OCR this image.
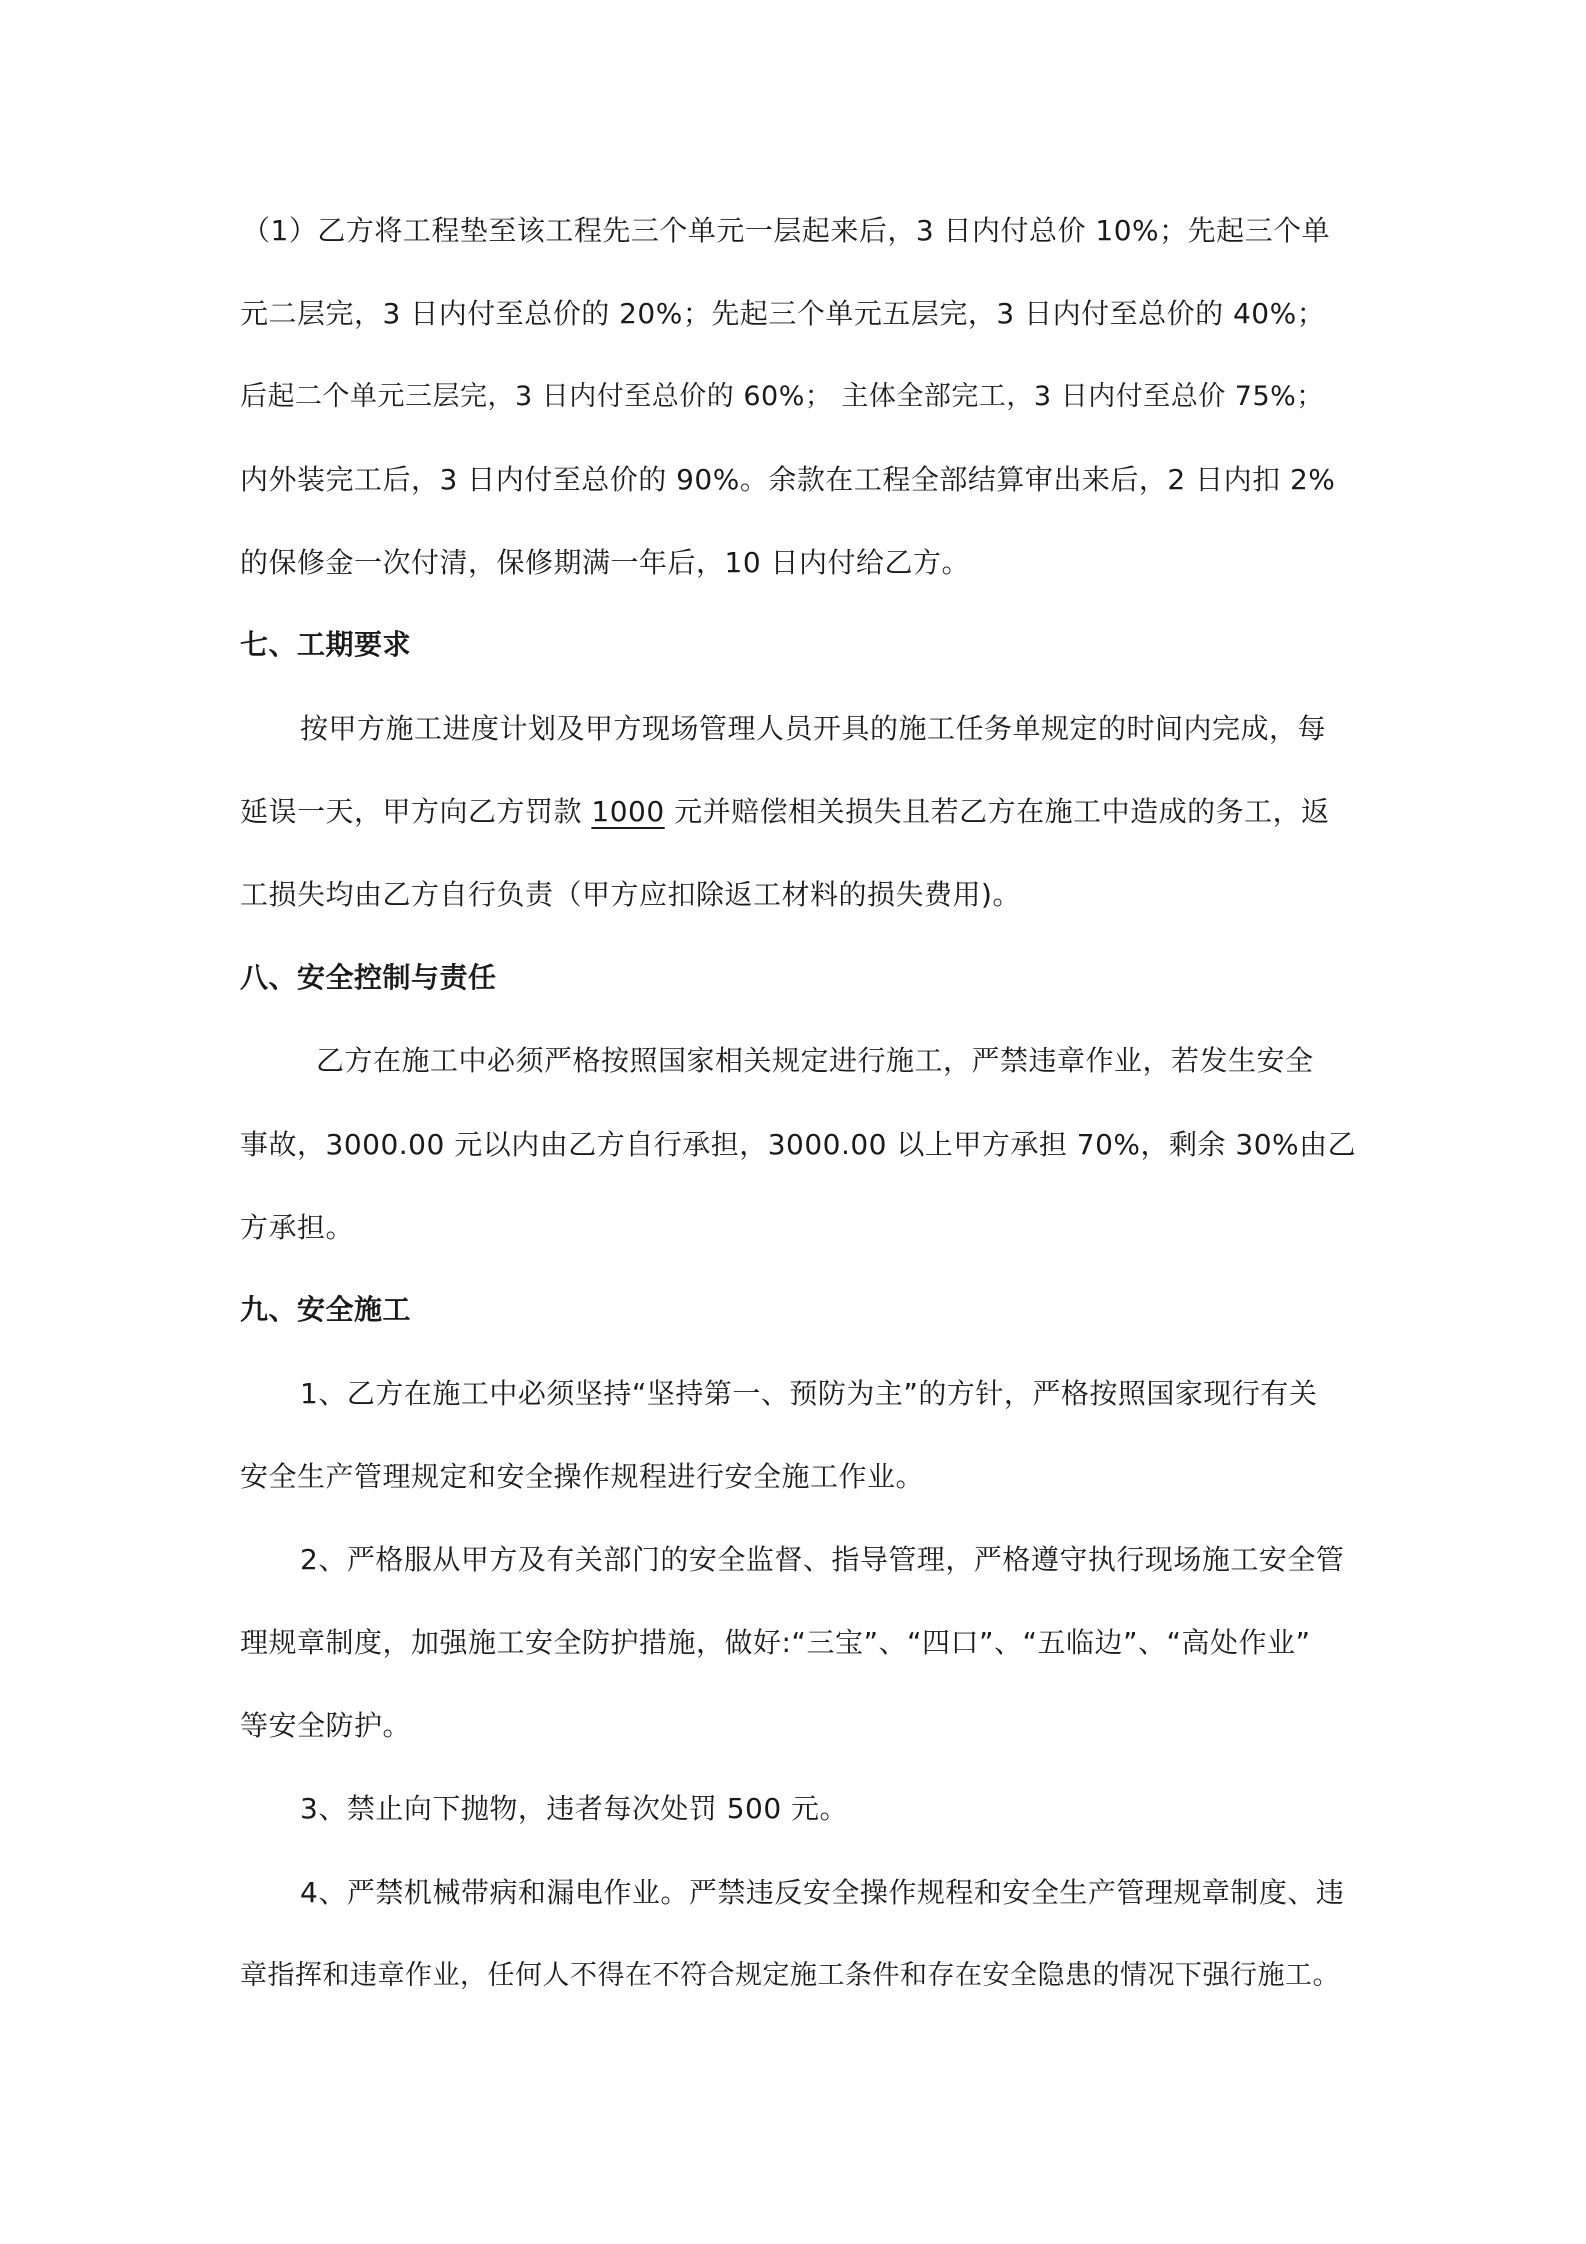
（1）乙方将工程垫至该工程先三个单元一层起来后，3 日内付总价 10%；先起三个单
元二层完，3 日内付至总价的 20%；先起三个单元五层完，3 日内付至总价的 40%；
后起二个单元三层完，3 日内付至总价的 60%； 主体全部完工，3 日内付至总价 75%；
内外装完工后，3 日内付至总价的 90%。余款在工程全部结算审出来后，2 日内扣 2%
的保修金一次付清，保修期满一年后，10 日内付给乙方。
七、工期要求
按甲方施工进度计划及甲方现场管理人员开具的施工任务单规定的时间内完成，每
延误一天，甲方向乙方罚款 1000 元并赔偿相关损失且若乙方在施工中造成的务工，返
工损失均由乙方自行负责（甲方应扣除返工材料的损失费用)。
八、安全控制与责任
乙方在施工中必须严格按照国家相关规定进行施工，严禁违章作业，若发生安全
事故，3000.00 元以内由乙方自行承担，3000.00 以上甲方承担 70%，剩余 30%由乙
方承担。
九、安全施工
1、乙方在施工中必须坚持“坚持第一、预防为主”的方针，严格按照国家现行有关
安全生产管理规定和安全操作规程进行安全施工作业。
2、严格服从甲方及有关部门的安全监督、指导管理，严格遵守执行现场施工安全管
理规章制度，加强施工安全防护措施，做好:“三宝”、“四口”、“五临边”、“高处作业”
等安全防护。
3、禁止向下抛物，违者每次处罚 500 元。
4、严禁机械带病和漏电作业。严禁违反安全操作规程和安全生产管理规章制度、违
章指挥和违章作业，任何人不得在不符合规定施工条件和存在安全隐患的情况下强行施工。
